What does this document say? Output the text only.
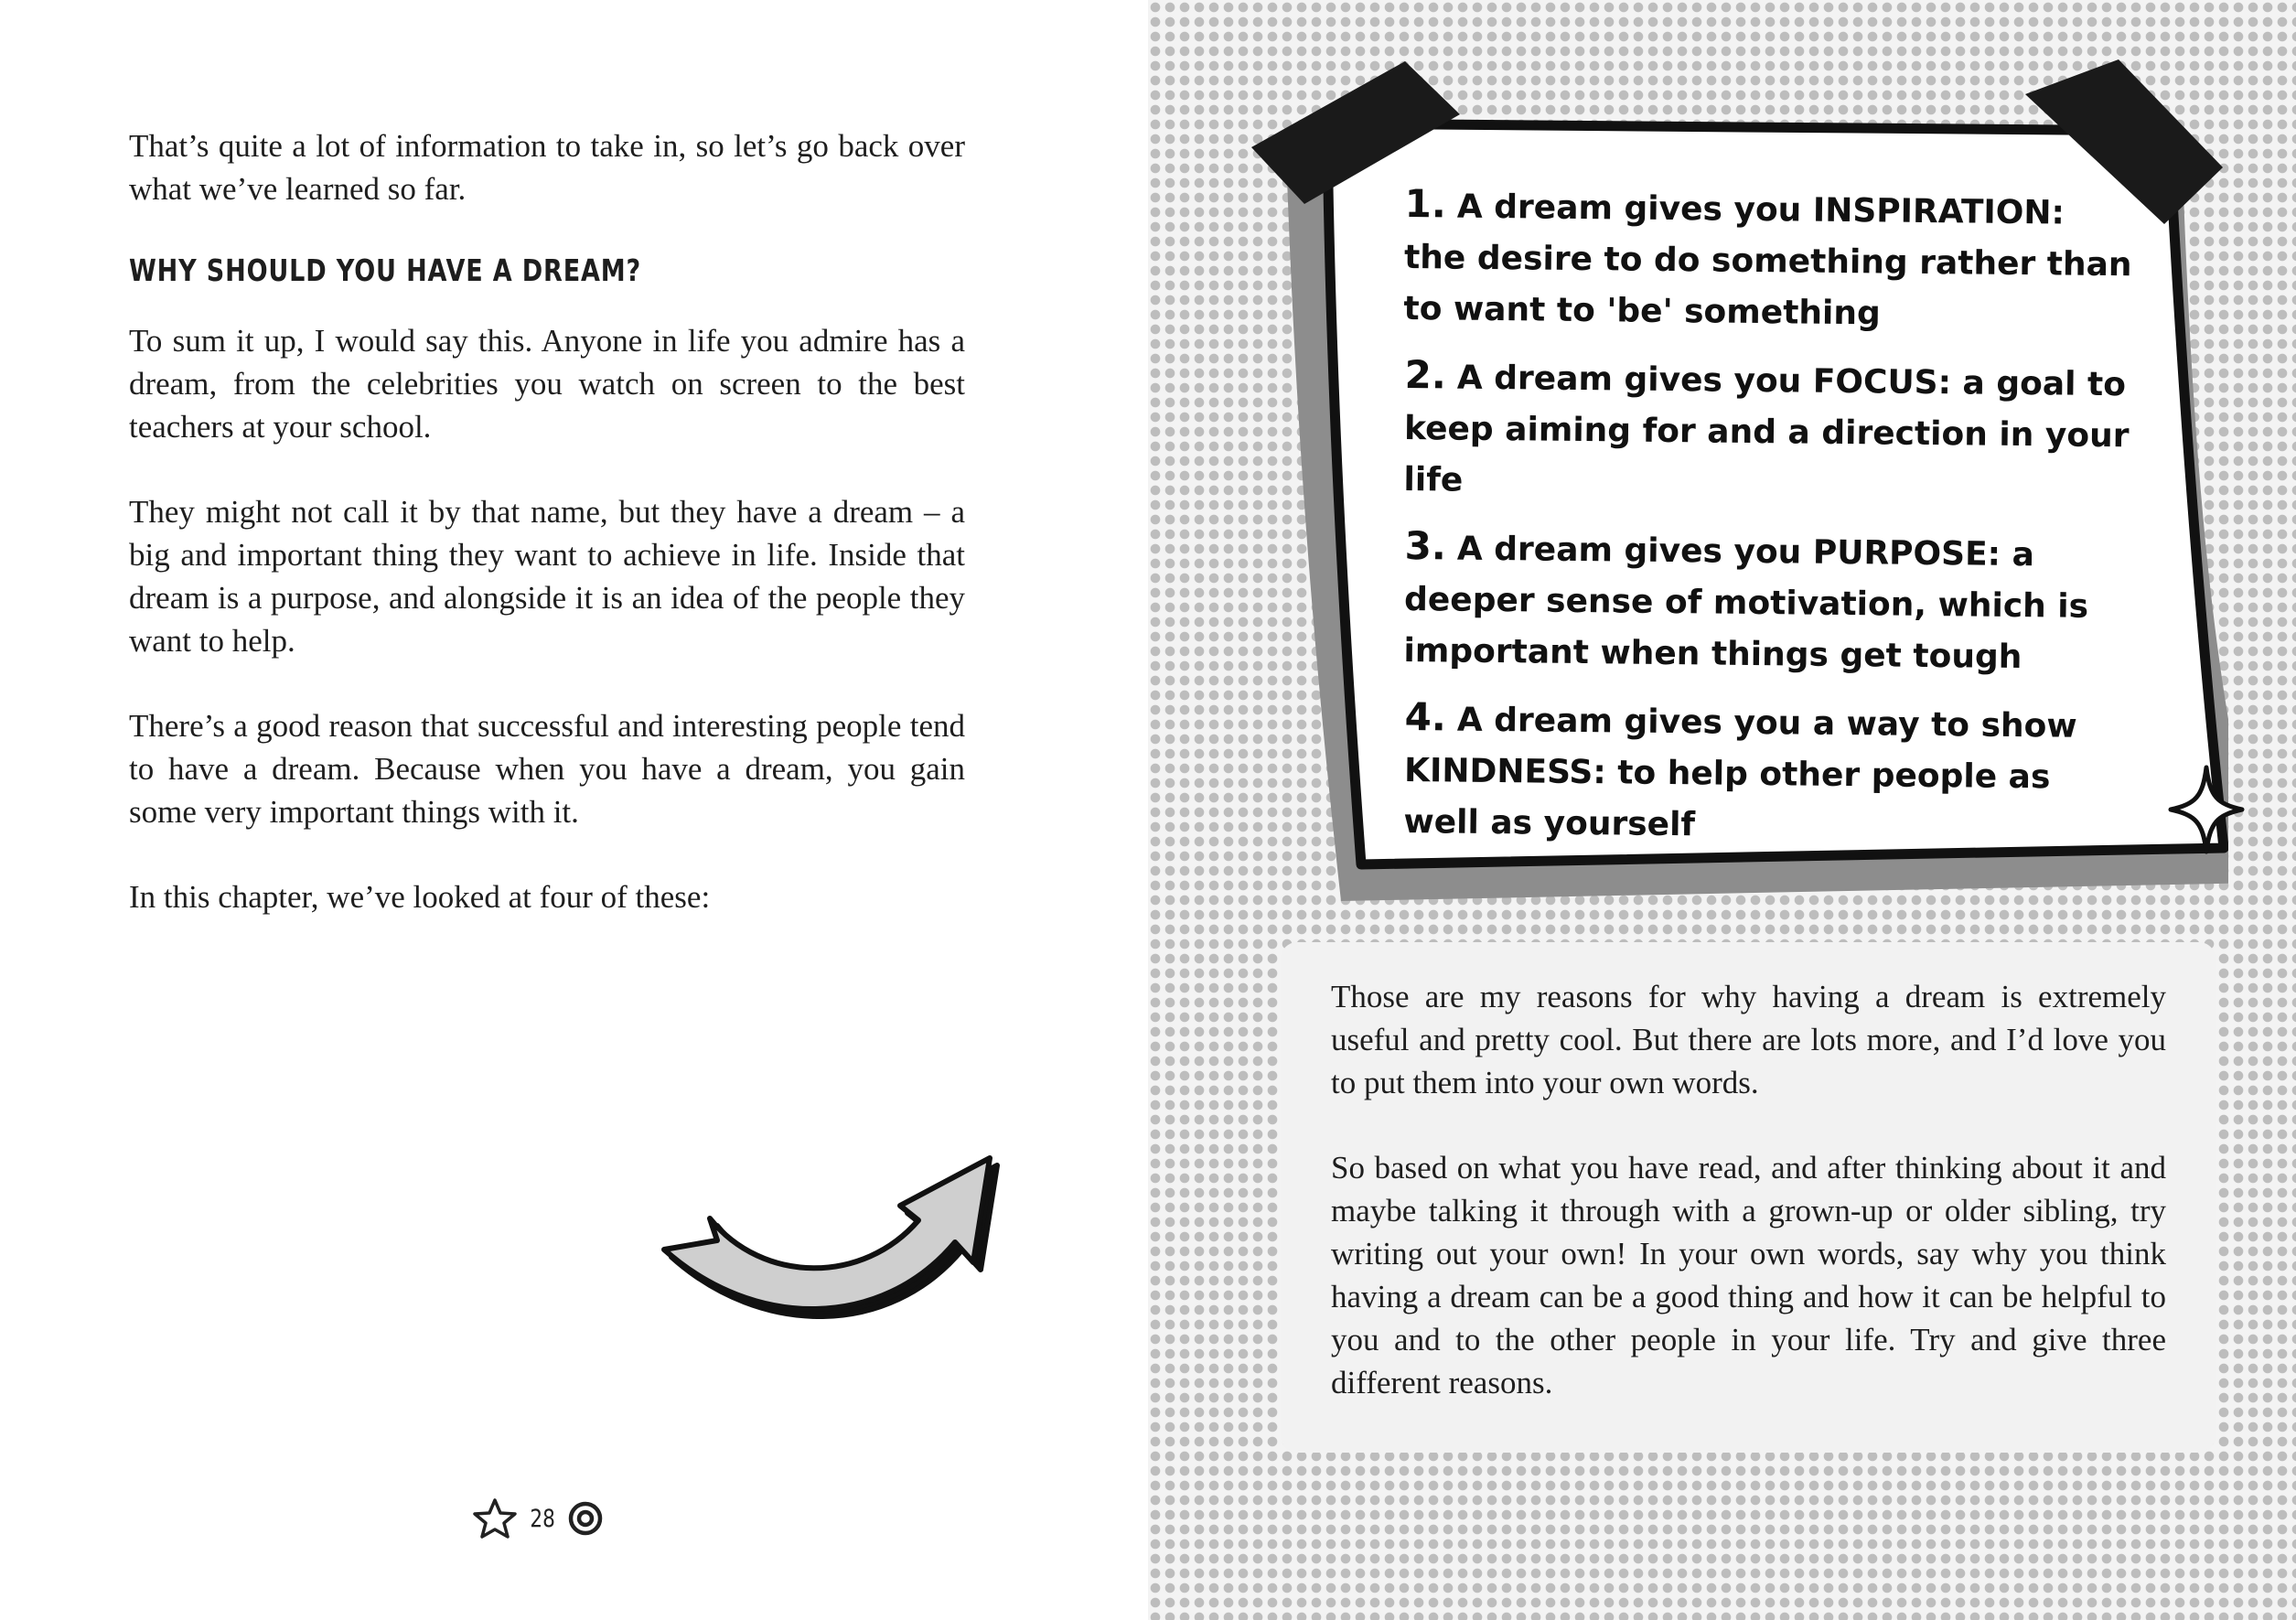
That’s quite a lot of information to take in, so let’s go back over what we’ve learned so far.

WHY SHOULD YOU HAVE A DREAM?

To sum it up, I would say this. Anyone in life you admire has a dream, from the celebrities you watch on screen to the best teachers at your school.

They might not call it by that name, but they have a dream – a big and important thing they want to achieve in life. Inside that dream is a purpose, and alongside it is an idea of the people they want to help.

There’s a good reason that successful and interesting people tend to have a dream. Because when you have a dream, you gain some very important things with it.

In this chapter, we’ve looked at four of these:

28
1. A dream gives you INSPIRATION: the desire to do something rather than to want to 'be' something
2. A dream gives you FOCUS: a goal to keep aiming for and a direction in your life
3. A dream gives you PURPOSE: a deeper sense of motivation, which is important when things get tough
4. A dream gives you a way to show KINDNESS: to help other people as well as yourself

Those are my reasons for why having a dream is extremely useful and pretty cool. But there are lots more, and I’d love you to put them into your own words.

So based on what you have read, and after thinking about it and maybe talking it through with a grown-up or older sibling, try writing out your own! In your own words, say why you think having a dream can be a good thing and how it can be helpful to you and to the other people in your life. Try and give three different reasons.
